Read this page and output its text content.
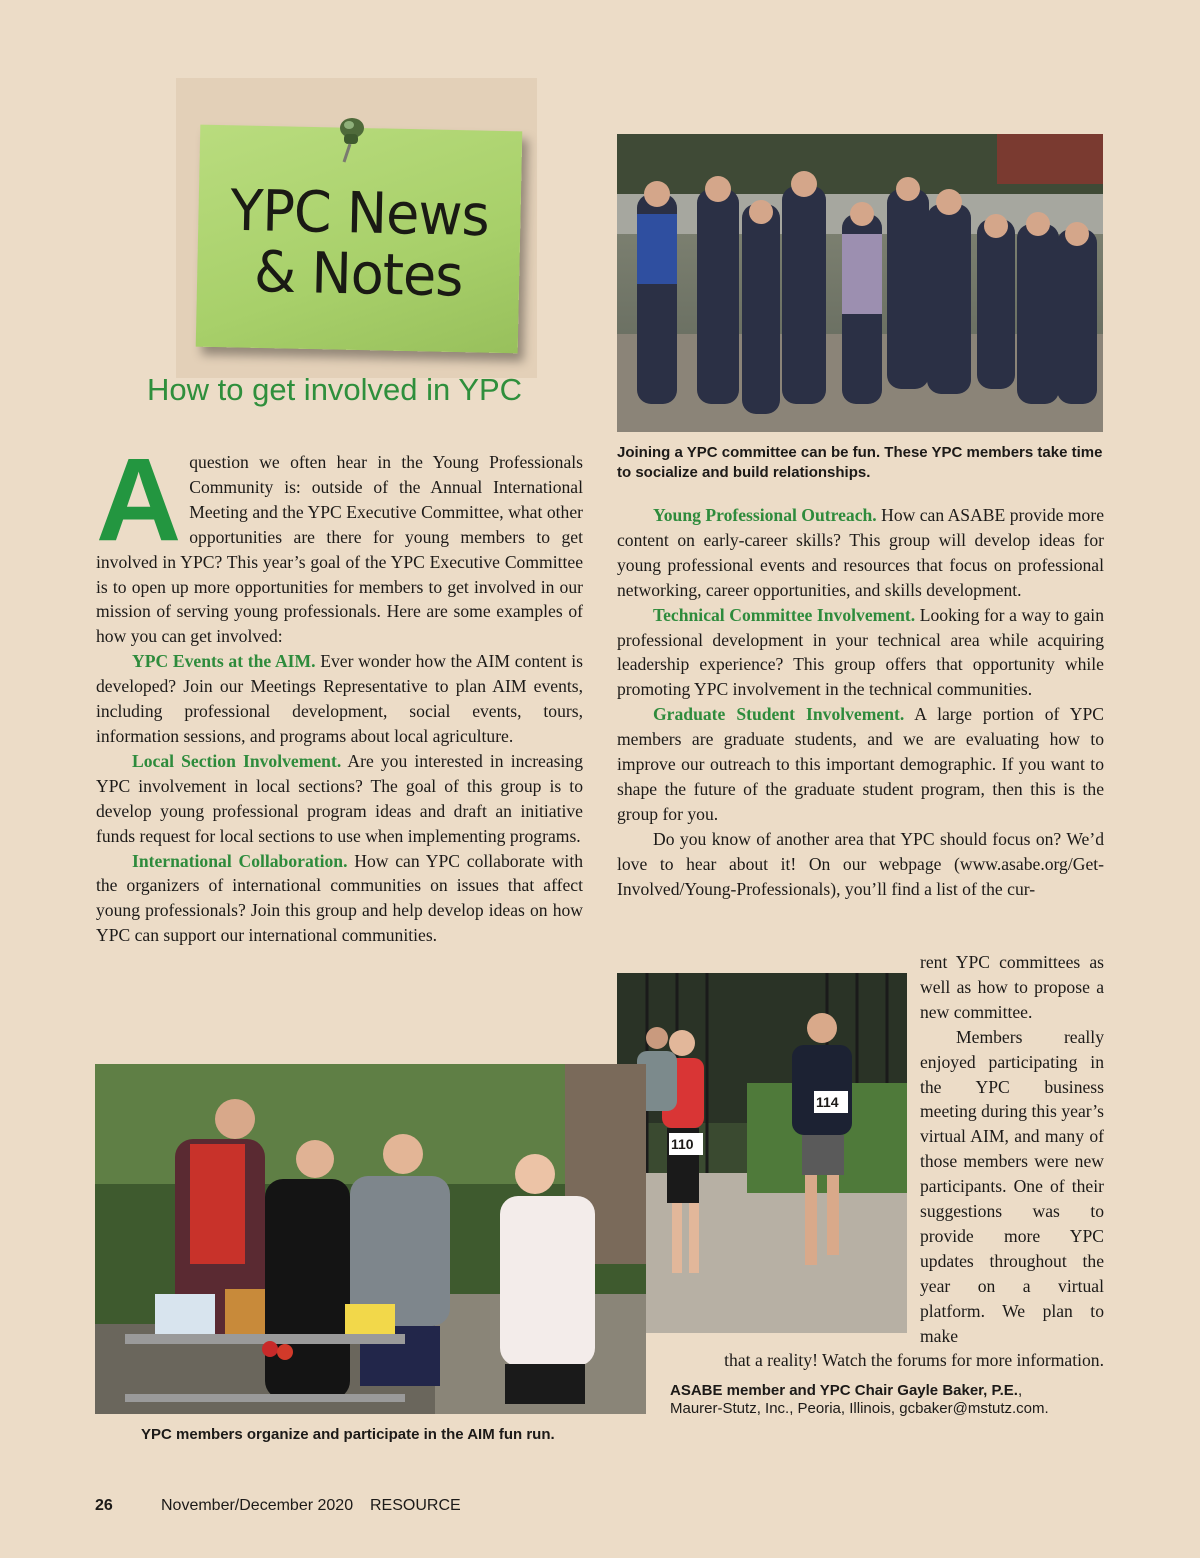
YPC News
& Notes
How to get involved in YPC

Aquestion we often hear in the Young Professionals Community is: outside of the Annual International Meeting and the YPC Executive Committee, what other opportunities are there for young members to get involved in YPC? This year’s goal of the YPC Executive Committee is to open up more opportunities for members to get involved in our mission of serving young professionals. Here are some examples of how you can get involved:

YPC Events at the AIM. Ever wonder how the AIM content is developed? Join our Meetings Representative to plan AIM events, including professional development, social events, tours, information sessions, and programs about local agriculture.

Local Section Involvement. Are you interested in increasing YPC involvement in local sections? The goal of this group is to develop young professional program ideas and draft an initiative funds request for local sections to use when implementing programs.

International Collaboration. How can YPC collaborate with the organizers of international communities on issues that affect young professionals? Join this group and help develop ideas on how YPC can support our international communities.

Joining a YPC committee can be fun. These YPC members take time to socialize and build relationships.

Young Professional Outreach. How can ASABE provide more content on early-career skills? This group will develop ideas for young professional events and resources that focus on professional networking, career opportunities, and skills development.

Technical Committee Involvement. Looking for a way to gain professional development in your technical area while acquiring leadership experience? This group offers that opportunity while promoting YPC involvement in the technical communities.

Graduate Student Involvement. A large portion of YPC members are graduate students, and we are evaluating how to improve our outreach to this important demographic. If you want to shape the future of the graduate student program, then this is the group for you.

Do you know of another area that YPC should focus on? We’d love to hear about it! On our webpage (www.asabe.org/Get-Involved/Young-Professionals), you’ll find a list of the cur-

rent YPC committees as well as how to propose a new committee.

Members really enjoyed participating in the YPC business meeting during this year’s virtual AIM, and many of those members were new participants. One of their suggestions was to provide more YPC updates throughout the year on a virtual platform. We plan to make

that a reality! Watch the forums for more information.
110
114
YPC members organize and participate in the AIM fun run.
ASABE member and YPC Chair Gayle Baker, P.E.,
Maurer-Stutz, Inc., Peoria, Illinois, gcbaker@mstutz.com.
26	November/December 2020 RESOURCE
